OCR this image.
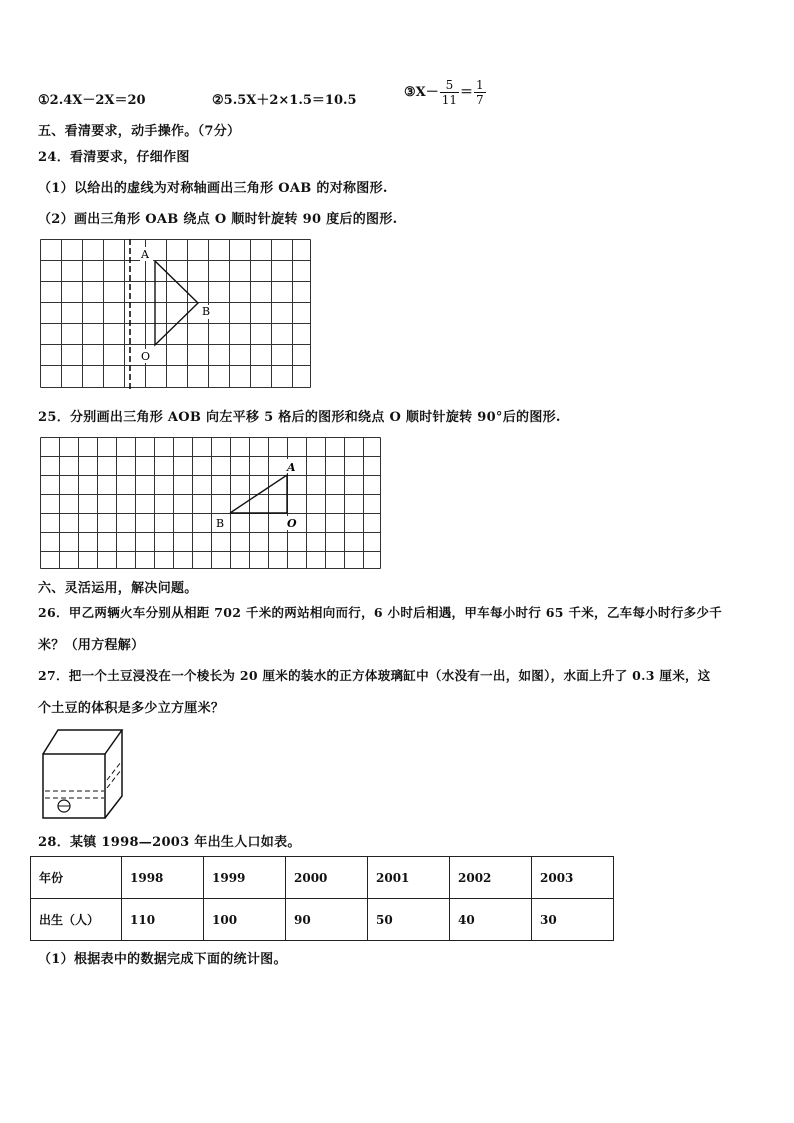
①2.4X－2X＝20	②5.5X＋2×1.5＝10.5
③X－ $\frac{5}{11} = \frac{1}{7}$
五、看清要求，动手操作。（7分）
24．看清要求，仔细作图
（1）以给出的虚线为对称轴画出三角形 OAB 的对称图形.
（2）画出三角形 OAB 绕点 O 顺时针旋转 90 度后的图形.
A
B
O
25．分别画出三角形 AOB 向左平移 5 格后的图形和绕点 O 顺时针旋转 90°后的图形.
A
B	O
六、灵活运用，解决问题。
26．甲乙两辆火车分别从相距 702 千米的两站相向而行，6 小时后相遇，甲车每小时行 65 千米，乙车每小时行多少千
米？（用方程解）
27．把一个土豆浸没在一个棱长为 20 厘米的装水的正方体玻璃缸中（水没有一出，如图），水面上升了 0.3 厘米，这
个土豆的体积是多少立方厘米？
28．某镇 1998—2003 年出生人口如表。
年份	1998	1999	2000	2001	2002	2003
出生（人）	110	100	90	50	40	30
（1）根据表中的数据完成下面的统计图。
